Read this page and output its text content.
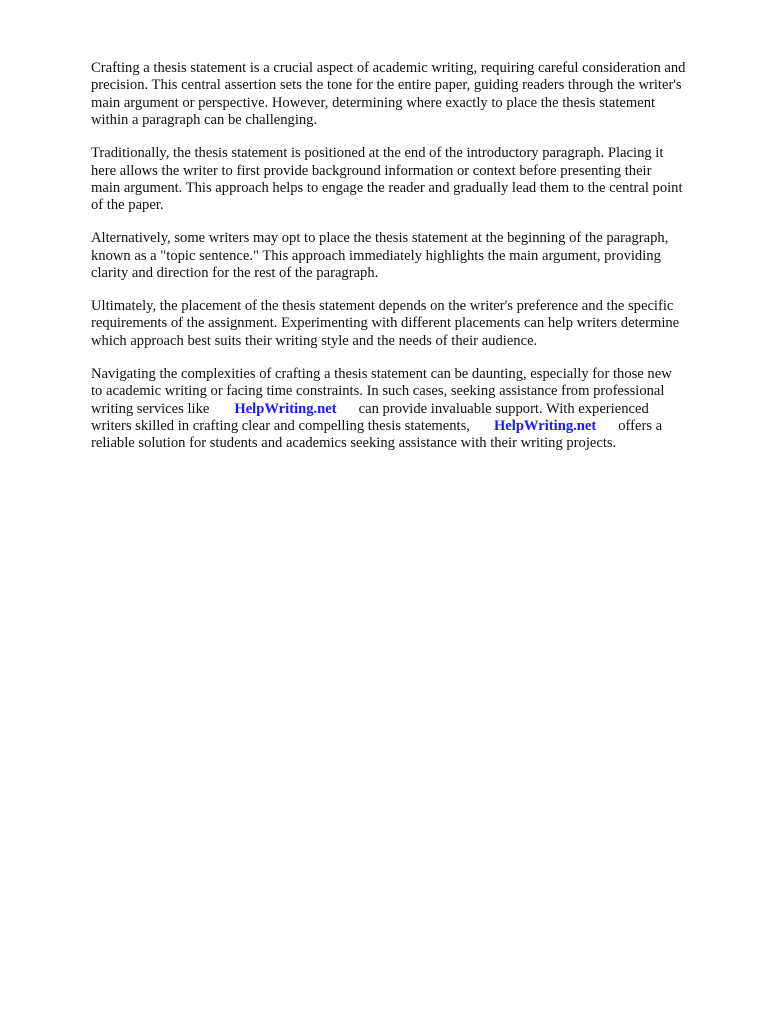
Crafting a thesis statement is a crucial aspect of academic writing, requiring careful consideration and
precision. This central assertion sets the tone for the entire paper, guiding readers through the writer's
main argument or perspective. However, determining where exactly to place the thesis statement
within a paragraph can be challenging.
Traditionally, the thesis statement is positioned at the end of the introductory paragraph. Placing it
here allows the writer to first provide background information or context before presenting their
main argument. This approach helps to engage the reader and gradually lead them to the central point
of the paper.
Alternatively, some writers may opt to place the thesis statement at the beginning of the paragraph,
known as a "topic sentence." This approach immediately highlights the main argument, providing
clarity and direction for the rest of the paragraph.
Ultimately, the placement of the thesis statement depends on the writer's preference and the specific
requirements of the assignment. Experimenting with different placements can help writers determine
which approach best suits their writing style and the needs of their audience.
Navigating the complexities of crafting a thesis statement can be daunting, especially for those new
to academic writing or facing time constraints. In such cases, seeking assistance from professional
writing services like HelpWriting.net can provide invaluable support. With experienced
writers skilled in crafting clear and compelling thesis statements, HelpWriting.net offers a
reliable solution for students and academics seeking assistance with their writing projects.
